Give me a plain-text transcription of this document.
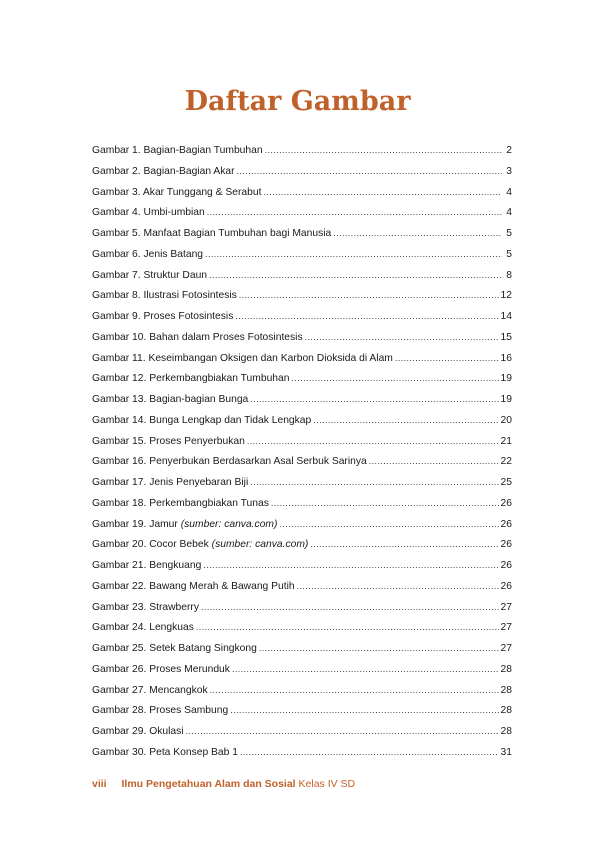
Daftar Gambar
Gambar 1. Bagian-Bagian Tumbuhan .....	2
Gambar 2. Bagian-Bagian Akar .....	3
Gambar 3. Akar Tunggang & Serabut .....	4
Gambar 4. Umbi-umbian .....	4
Gambar 5. Manfaat Bagian Tumbuhan bagi Manusia .....	5
Gambar 6. Jenis Batang .....	5
Gambar 7. Struktur Daun .....	8
Gambar 8. Ilustrasi Fotosintesis .....	12
Gambar 9. Proses Fotosintesis .....	14
Gambar 10. Bahan dalam Proses Fotosintesis .....	15
Gambar 11. Keseimbangan Oksigen dan Karbon Dioksida di Alam .....	16
Gambar 12. Perkembangbiakan Tumbuhan .....	19
Gambar 13. Bagian-bagian Bunga .....	19
Gambar 14. Bunga Lengkap dan Tidak Lengkap .....	20
Gambar 15. Proses Penyerbukan .....	21
Gambar 16. Penyerbukan Berdasarkan Asal Serbuk Sarinya .....	22
Gambar 17. Jenis Penyebaran Biji .....	25
Gambar 18. Perkembangbiakan Tunas .....	26
Gambar 19. Jamur (sumber: canva.com) .....	26
Gambar 20. Cocor Bebek (sumber: canva.com) .....	26
Gambar 21. Bengkuang .....	26
Gambar 22. Bawang Merah & Bawang Putih .....	26
Gambar 23. Strawberry .....	27
Gambar 24. Lengkuas .....	27
Gambar 25. Setek Batang Singkong .....	27
Gambar 26. Proses Merunduk .....	28
Gambar 27. Mencangkok .....	28
Gambar 28. Proses Sambung .....	28
Gambar 29. Okulasi .....	28
Gambar 30. Peta Konsep Bab 1 .....	31
viii Ilmu Pengetahuan Alam dan Sosial Kelas IV SD
